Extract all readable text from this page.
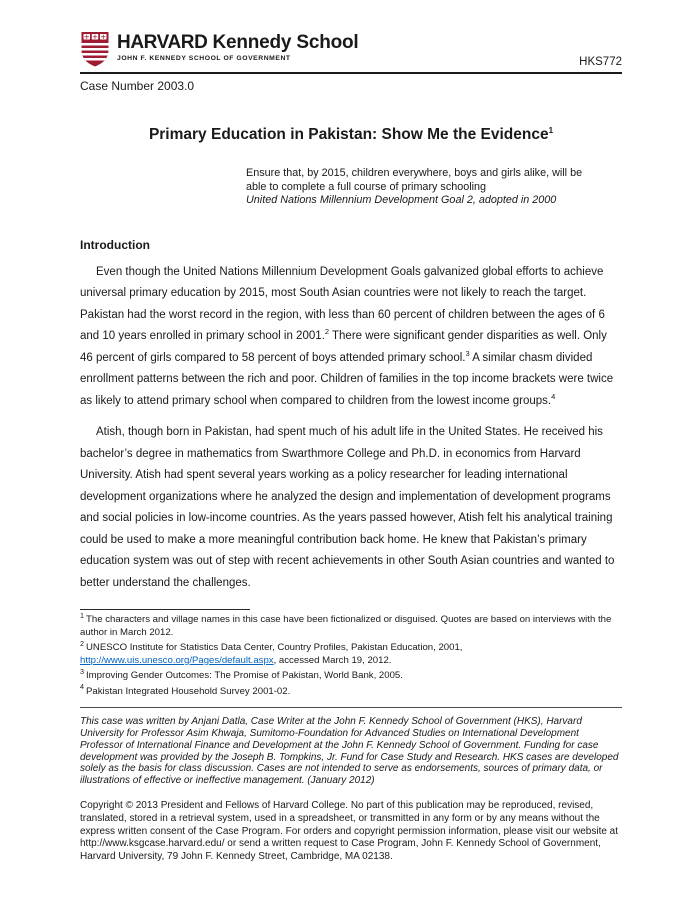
HARVARD Kennedy School
JOHN F. KENNEDY SCHOOL OF GOVERNMENT	HKS772
Case Number 2003.0
Primary Education in Pakistan: Show Me the Evidence$^1$
Ensure that, by 2015, children everywhere, boys and girls alike, will be able to complete a full course of primary schooling
United Nations Millennium Development Goal 2, adopted in 2000
Introduction

Even though the United Nations Millennium Development Goals galvanized global efforts to achieve universal primary education by 2015, most South Asian countries were not likely to reach the target. Pakistan had the worst record in the region, with less than 60 percent of children between the ages of 6 and 10 years enrolled in primary school in 2001.$^2$ There were significant gender disparities as well. Only 46 percent of girls compared to 58 percent of boys attended primary school.$^3$ A similar chasm divided enrollment patterns between the rich and poor. Children of families in the top income brackets were twice as likely to attend primary school when compared to children from the lowest income groups.$^4$

Atish, though born in Pakistan, had spent much of his adult life in the United States. He received his bachelor’s degree in mathematics from Swarthmore College and Ph.D. in economics from Harvard University. Atish had spent several years working as a policy researcher for leading international development organizations where he analyzed the design and implementation of development programs and social policies in low-income countries. As the years passed however, Atish felt his analytical training could be used to make a more meaningful contribution back home. He knew that Pakistan’s primary education system was out of step with recent achievements in other South Asian countries and wanted to better understand the challenges.

$^1$ The characters and village names in this case have been fictionalized or disguised. Quotes are based on interviews with the author in March 2012.
$^2$ UNESCO Institute for Statistics Data Center, Country Profiles, Pakistan Education, 2001, http://www.uis.unesco.org/Pages/default.aspx, accessed March 19, 2012.
$^3$ Improving Gender Outcomes: The Promise of Pakistan, World Bank, 2005.
$^4$ Pakistan Integrated Household Survey 2001-02.

This case was written by Anjani Datla, Case Writer at the John F. Kennedy School of Government (HKS), Harvard University for Professor Asim Khwaja, Sumitomo-Foundation for Advanced Studies on International Development Professor of International Finance and Development at the John F. Kennedy School of Government. Funding for case development was provided by the Joseph B. Tompkins, Jr. Fund for Case Study and Research. HKS cases are developed solely as the basis for class discussion. Cases are not intended to serve as endorsements, sources of primary data, or illustrations of effective or ineffective management. (January 2012)

Copyright © 2013 President and Fellows of Harvard College. No part of this publication may be reproduced, revised, translated, stored in a retrieval system, used in a spreadsheet, or transmitted in any form or by any means without the express written consent of the Case Program. For orders and copyright permission information, please visit our website at http://www.ksgcase.harvard.edu/ or send a written request to Case Program, John F. Kennedy School of Government, Harvard University, 79 John F. Kennedy Street, Cambridge, MA 02138.
